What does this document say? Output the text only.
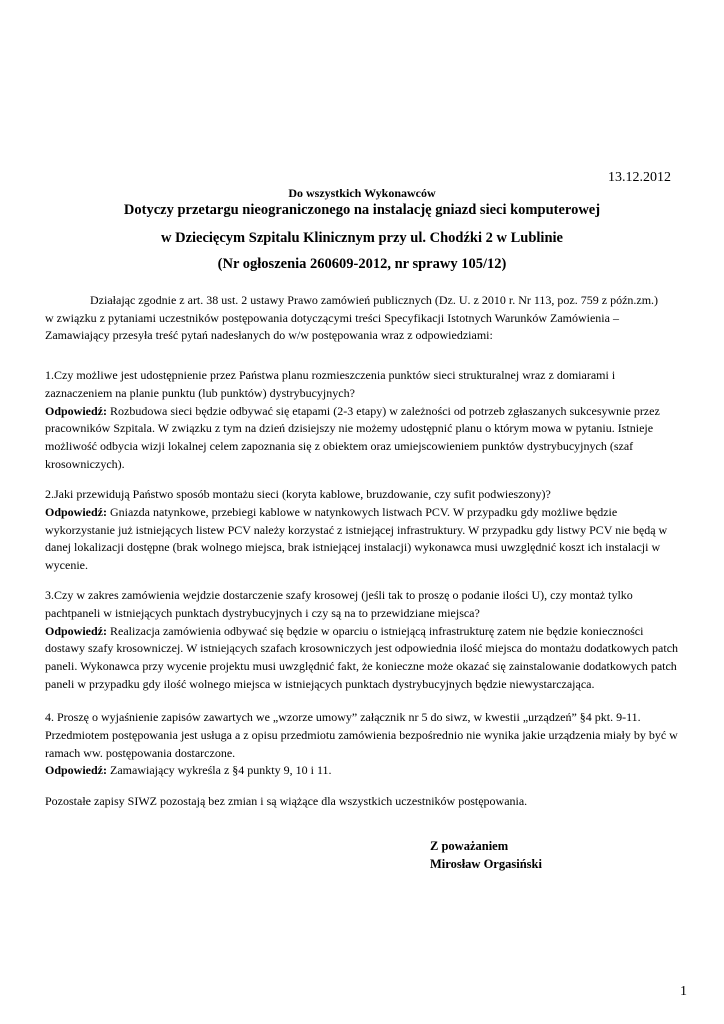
13.12.2012
Do wszystkich Wykonawców
Dotyczy przetargu nieograniczonego na instalację gniazd sieci komputerowej
w Dziecięcym Szpitalu Klinicznym przy ul. Chodźki 2 w Lublinie
(Nr ogłoszenia 260609-2012, nr sprawy 105/12)

Działając zgodnie z art. 38 ust. 2 ustawy Prawo zamówień publicznych (Dz. U. z 2010 r. Nr 113, poz. 759 z późn.zm.)

w związku z pytaniami uczestników postępowania dotyczącymi treści Specyfikacji Istotnych Warunków Zamówienia –

Zamawiający przesyła treść pytań nadesłanych do w/w postępowania wraz z odpowiedziami:

1.Czy możliwe jest udostępnienie przez Państwa planu rozmieszczenia punktów sieci strukturalnej wraz z domiarami i zaznaczeniem na planie punktu (lub punktów) dystrybucyjnych?

Odpowiedź: Rozbudowa sieci będzie odbywać się etapami (2-3 etapy) w zależności od potrzeb zgłaszanych sukcesywnie przez pracowników Szpitala. W związku z tym na dzień dzisiejszy nie możemy udostępnić planu o którym mowa w pytaniu. Istnieje możliwość odbycia wizji lokalnej celem zapoznania się z obiektem oraz umiejscowieniem punktów dystrybucyjnych (szaf krosowniczych).

2.Jaki przewidują Państwo sposób montażu sieci (koryta kablowe, bruzdowanie, czy sufit podwieszony)?

Odpowiedź: Gniazda natynkowe, przebiegi kablowe w natynkowych listwach PCV. W przypadku gdy możliwe będzie wykorzystanie już istniejących listew PCV należy korzystać z istniejącej infrastruktury. W przypadku gdy listwy PCV nie będą w danej lokalizacji dostępne (brak wolnego miejsca, brak istniejącej instalacji) wykonawca musi uwzględnić koszt ich instalacji w wycenie.

3.Czy w zakres zamówienia wejdzie dostarczenie szafy krosowej (jeśli tak to proszę o podanie ilości U), czy montaż tylko pachtpaneli w istniejących punktach dystrybucyjnych i czy są na to przewidziane miejsca?

Odpowiedź: Realizacja zamówienia odbywać się będzie w oparciu o istniejącą infrastrukturę zatem nie będzie konieczności dostawy szafy krosowniczej. W istniejących szafach krosowniczych jest odpowiednia ilość miejsca do montażu dodatkowych patch paneli. Wykonawca przy wycenie projektu musi uwzględnić fakt, że konieczne może okazać się zainstalowanie dodatkowych patch paneli w przypadku gdy ilość wolnego miejsca w istniejących punktach dystrybucyjnych będzie niewystarczająca.

4. Proszę o wyjaśnienie zapisów zawartych we „wzorze umowy” załącznik nr 5 do siwz, w kwestii „urządzeń” §4 pkt. 9-11. Przedmiotem postępowania jest usługa a z opisu przedmiotu zamówienia bezpośrednio nie wynika jakie urządzenia miały by być w ramach ww. postępowania dostarczone.

Odpowiedź: Zamawiający wykreśla z §4 punkty 9, 10 i 11.

Pozostałe zapisy SIWZ pozostają bez zmian i są wiążące dla wszystkich uczestników postępowania.
Z poważaniem
Mirosław Orgasiński
1
